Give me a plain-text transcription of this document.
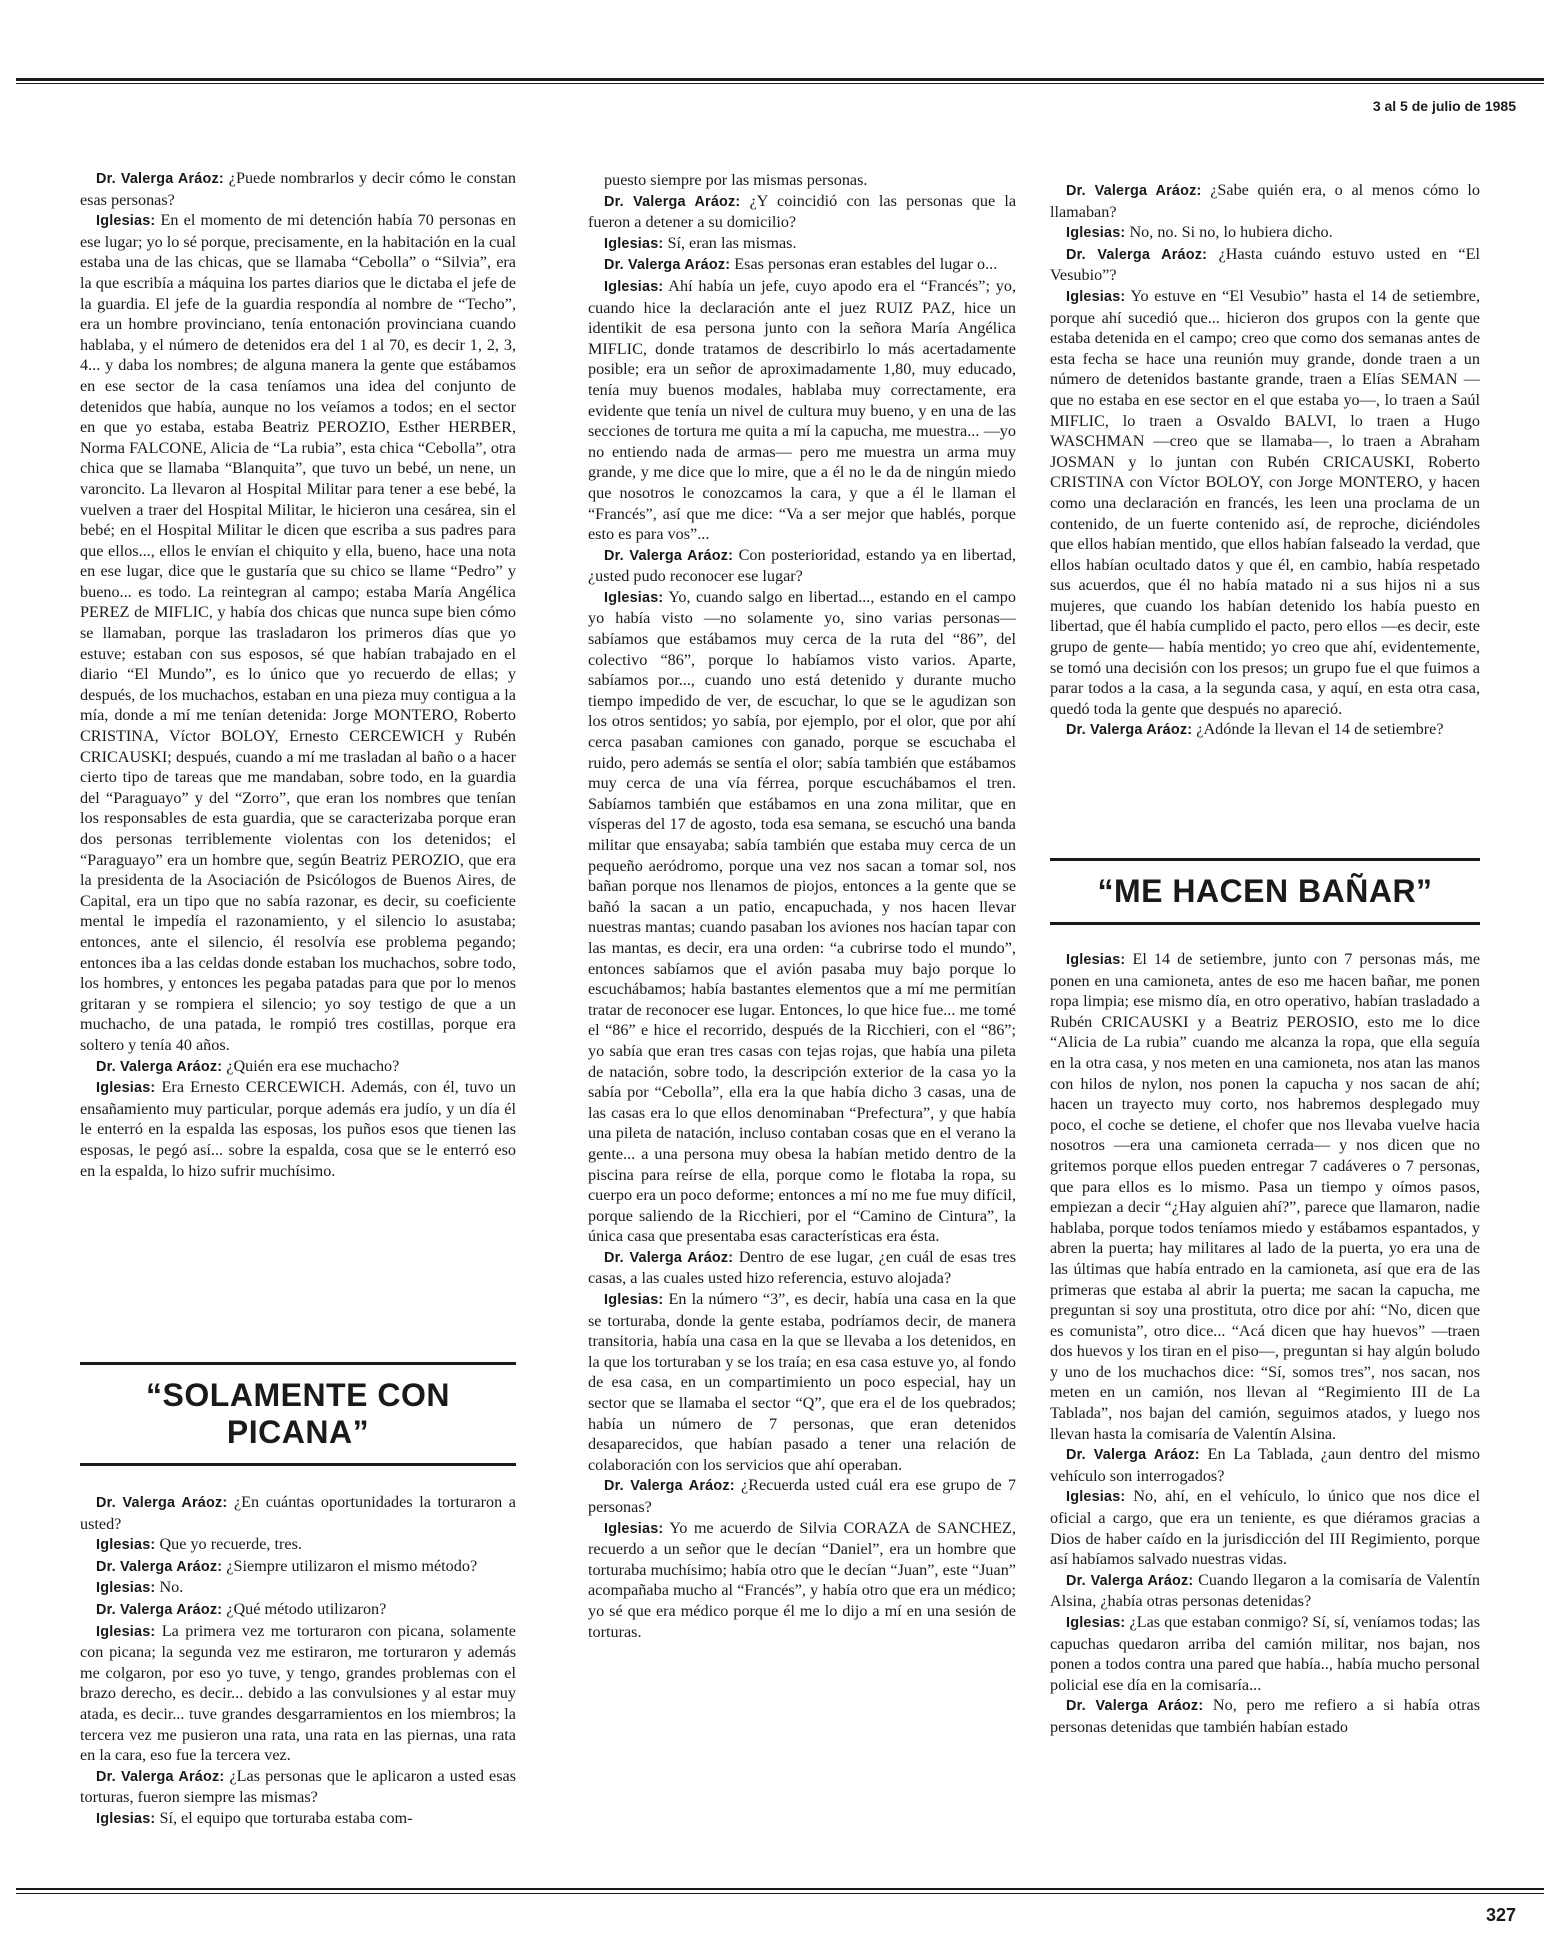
3 al 5 de julio de 1985

Dr. Valerga Aráoz: ¿Puede nombrarlos y decir cómo le constan esas personas?

Iglesias: En el momento de mi detención había 70 personas en ese lugar; yo lo sé porque, precisamente, en la habitación en la cual estaba una de las chicas, que se llamaba “Cebolla” o “Silvia”, era la que escribía a máquina los partes diarios que le dictaba el jefe de la guardia. El jefe de la guardia respondía al nombre de “Techo”, era un hombre provinciano, tenía entonación provinciana cuando hablaba, y el número de detenidos era del 1 al 70, es decir 1, 2, 3, 4... y daba los nombres; de alguna manera la gente que estábamos en ese sector de la casa teníamos una idea del conjunto de detenidos que había, aunque no los veíamos a todos; en el sector en que yo estaba, estaba Beatriz PEROZIO, Esther HERBER, Norma FALCONE, Alicia de “La rubia”, esta chica “Cebolla”, otra chica que se llamaba “Blanquita”, que tuvo un bebé, un nene, un varoncito. La llevaron al Hospital Militar para tener a ese bebé, la vuelven a traer del Hospital Militar, le hicieron una cesárea, sin el bebé; en el Hospital Militar le dicen que escriba a sus padres para que ellos..., ellos le envían el chiquito y ella, bueno, hace una nota en ese lugar, dice que le gustaría que su chico se llame “Pedro” y bueno... es todo. La reintegran al campo; estaba María Angélica PEREZ de MIFLIC, y había dos chicas que nunca supe bien cómo se llamaban, porque las trasladaron los primeros días que yo estuve; estaban con sus esposos, sé que habían trabajado en el diario “El Mundo”, es lo único que yo recuerdo de ellas; y después, de los muchachos, estaban en una pieza muy contigua a la mía, donde a mí me tenían detenida: Jorge MONTERO, Roberto CRISTINA, Víctor BOLOY, Ernesto CERCEWICH y Rubén CRICAUSKI; después, cuando a mí me trasladan al baño o a hacer cierto tipo de tareas que me mandaban, sobre todo, en la guardia del “Paraguayo” y del “Zorro”, que eran los nombres que tenían los responsables de esta guardia, que se caracterizaba porque eran dos personas terriblemente violentas con los detenidos; el “Paraguayo” era un hombre que, según Beatriz PEROZIO, que era la presidenta de la Asociación de Psicólogos de Buenos Aires, de Capital, era un tipo que no sabía razonar, es decir, su coeficiente mental le impedía el razonamiento, y el silencio lo asustaba; entonces, ante el silencio, él resolvía ese problema pegando; entonces iba a las celdas donde estaban los muchachos, sobre todo, los hombres, y entonces les pegaba patadas para que por lo menos gritaran y se rompiera el silencio; yo soy testigo de que a un muchacho, de una patada, le rompió tres costillas, porque era soltero y tenía 40 años.

Dr. Valerga Aráoz: ¿Quién era ese muchacho?

Iglesias: Era Ernesto CERCEWICH. Además, con él, tuvo un ensañamiento muy particular, porque además era judío, y un día él le enterró en la espalda las esposas, los puños esos que tienen las esposas, le pegó así... sobre la espalda, cosa que se le enterró eso en la espalda, lo hizo sufrir muchísimo.

“SOLAMENTE CON PICANA”

Dr. Valerga Aráoz: ¿En cuántas oportunidades la torturaron a usted?

Iglesias: Que yo recuerde, tres.

Dr. Valerga Aráoz: ¿Siempre utilizaron el mismo método?

Iglesias: No.

Dr. Valerga Aráoz: ¿Qué método utilizaron?

Iglesias: La primera vez me torturaron con picana, solamente con picana; la segunda vez me estiraron, me torturaron y además me colgaron, por eso yo tuve, y tengo, grandes problemas con el brazo derecho, es decir... debido a las convulsiones y al estar muy atada, es decir... tuve grandes desgarramientos en los miembros; la tercera vez me pusieron una rata, una rata en las piernas, una rata en la cara, eso fue la tercera vez.

Dr. Valerga Aráoz: ¿Las personas que le aplicaron a usted esas torturas, fueron siempre las mismas?

Iglesias: Sí, el equipo que torturaba estaba com-

puesto siempre por las mismas personas.

Dr. Valerga Aráoz: ¿Y coincidió con las personas que la fueron a detener a su domicilio?

Iglesias: Sí, eran las mismas.

Dr. Valerga Aráoz: Esas personas eran estables del lugar o...

Iglesias: Ahí había un jefe, cuyo apodo era el “Francés”; yo, cuando hice la declaración ante el juez RUIZ PAZ, hice un identikit de esa persona junto con la señora María Angélica MIFLIC, donde tratamos de describirlo lo más acertadamente posible; era un señor de aproximadamente 1,80, muy educado, tenía muy buenos modales, hablaba muy correctamente, era evidente que tenía un nivel de cultura muy bueno, y en una de las secciones de tortura me quita a mí la capucha, me muestra... —yo no entiendo nada de armas— pero me muestra un arma muy grande, y me dice que lo mire, que a él no le da de ningún miedo que nosotros le conozcamos la cara, y que a él le llaman el “Francés”, así que me dice: “Va a ser mejor que hablés, porque esto es para vos”...

Dr. Valerga Aráoz: Con posterioridad, estando ya en libertad, ¿usted pudo reconocer ese lugar?

Iglesias: Yo, cuando salgo en libertad..., estando en el campo yo había visto —no solamente yo, sino varias personas— sabíamos que estábamos muy cerca de la ruta del “86”, del colectivo “86”, porque lo habíamos visto varios. Aparte, sabíamos por..., cuando uno está detenido y durante mucho tiempo impedido de ver, de escuchar, lo que se le agudizan son los otros sentidos; yo sabía, por ejemplo, por el olor, que por ahí cerca pasaban camiones con ganado, porque se escuchaba el ruido, pero además se sentía el olor; sabía también que estábamos muy cerca de una vía férrea, porque escuchábamos el tren. Sabíamos también que estábamos en una zona militar, que en vísperas del 17 de agosto, toda esa semana, se escuchó una banda militar que ensayaba; sabía también que estaba muy cerca de un pequeño aeródromo, porque una vez nos sacan a tomar sol, nos bañan porque nos llenamos de piojos, entonces a la gente que se bañó la sacan a un patio, encapuchada, y nos hacen llevar nuestras mantas; cuando pasaban los aviones nos hacían tapar con las mantas, es decir, era una orden: “a cubrirse todo el mundo”, entonces sabíamos que el avión pasaba muy bajo porque lo escuchábamos; había bastantes elementos que a mí me permitían tratar de reconocer ese lugar. Entonces, lo que hice fue... me tomé el “86” e hice el recorrido, después de la Ricchieri, con el “86”; yo sabía que eran tres casas con tejas rojas, que había una pileta de natación, sobre todo, la descripción exterior de la casa yo la sabía por “Cebolla”, ella era la que había dicho 3 casas, una de las casas era lo que ellos denominaban “Prefectura”, y que había una pileta de natación, incluso contaban cosas que en el verano la gente... a una persona muy obesa la habían metido dentro de la piscina para reírse de ella, porque como le flotaba la ropa, su cuerpo era un poco deforme; entonces a mí no me fue muy difícil, porque saliendo de la Ricchieri, por el “Camino de Cintura”, la única casa que presentaba esas características era ésta.

Dr. Valerga Aráoz: Dentro de ese lugar, ¿en cuál de esas tres casas, a las cuales usted hizo referencia, estuvo alojada?

Iglesias: En la número “3”, es decir, había una casa en la que se torturaba, donde la gente estaba, podríamos decir, de manera transitoria, había una casa en la que se llevaba a los detenidos, en la que los torturaban y se los traía; en esa casa estuve yo, al fondo de esa casa, en un compartimiento un poco especial, hay un sector que se llamaba el sector “Q”, que era el de los quebrados; había un número de 7 personas, que eran detenidos desaparecidos, que habían pasado a tener una relación de colaboración con los servicios que ahí operaban.

Dr. Valerga Aráoz: ¿Recuerda usted cuál era ese grupo de 7 personas?

Iglesias: Yo me acuerdo de Silvia CORAZA de SANCHEZ, recuerdo a un señor que le decían “Daniel”, era un hombre que torturaba muchísimo; había otro que le decían “Juan”, este “Juan” acompañaba mucho al “Francés”, y había otro que era un médico; yo sé que era médico porque él me lo dijo a mí en una sesión de torturas.

Dr. Valerga Aráoz: ¿Sabe quién era, o al menos cómo lo llamaban?

Iglesias: No, no. Si no, lo hubiera dicho.

Dr. Valerga Aráoz: ¿Hasta cuándo estuvo usted en “El Vesubio”?

Iglesias: Yo estuve en “El Vesubio” hasta el 14 de setiembre, porque ahí sucedió que... hicieron dos grupos con la gente que estaba detenida en el campo; creo que como dos semanas antes de esta fecha se hace una reunión muy grande, donde traen a un número de detenidos bastante grande, traen a Elías SEMAN —que no estaba en ese sector en el que estaba yo—, lo traen a Saúl MIFLIC, lo traen a Osvaldo BALVI, lo traen a Hugo WASCHMAN —creo que se llamaba—, lo traen a Abraham JOSMAN y lo juntan con Rubén CRICAUSKI, Roberto CRISTINA con Víctor BOLOY, con Jorge MONTERO, y hacen como una declaración en francés, les leen una proclama de un contenido, de un fuerte contenido así, de reproche, diciéndoles que ellos habían mentido, que ellos habían falseado la verdad, que ellos habían ocultado datos y que él, en cambio, había respetado sus acuerdos, que él no había matado ni a sus hijos ni a sus mujeres, que cuando los habían detenido los había puesto en libertad, que él había cumplido el pacto, pero ellos —es decir, este grupo de gente— había mentido; yo creo que ahí, evidentemente, se tomó una decisión con los presos; un grupo fue el que fuimos a parar todos a la casa, a la segunda casa, y aquí, en esta otra casa, quedó toda la gente que después no apareció.

Dr. Valerga Aráoz: ¿Adónde la llevan el 14 de setiembre?

“ME HACEN BAÑAR”

Iglesias: El 14 de setiembre, junto con 7 personas más, me ponen en una camioneta, antes de eso me hacen bañar, me ponen ropa limpia; ese mismo día, en otro operativo, habían trasladado a Rubén CRICAUSKI y a Beatriz PEROSIO, esto me lo dice “Alicia de La rubia” cuando me alcanza la ropa, que ella seguía en la otra casa, y nos meten en una camioneta, nos atan las manos con hilos de nylon, nos ponen la capucha y nos sacan de ahí; hacen un trayecto muy corto, nos habremos desplegado muy poco, el coche se detiene, el chofer que nos llevaba vuelve hacia nosotros —era una camioneta cerrada— y nos dicen que no gritemos porque ellos pueden entregar 7 cadáveres o 7 personas, que para ellos es lo mismo. Pasa un tiempo y oímos pasos, empiezan a decir “¿Hay alguien ahí?”, parece que llamaron, nadie hablaba, porque todos teníamos miedo y estábamos espantados, y abren la puerta; hay militares al lado de la puerta, yo era una de las últimas que había entrado en la camioneta, así que era de las primeras que estaba al abrir la puerta; me sacan la capucha, me preguntan si soy una prostituta, otro dice por ahí: “No, dicen que es comunista”, otro dice... “Acá dicen que hay huevos” —traen dos huevos y los tiran en el piso—, preguntan si hay algún boludo y uno de los muchachos dice: “Sí, somos tres”, nos sacan, nos meten en un camión, nos llevan al “Regimiento III de La Tablada”, nos bajan del camión, seguimos atados, y luego nos llevan hasta la comisaría de Valentín Alsina.

Dr. Valerga Aráoz: En La Tablada, ¿aun dentro del mismo vehículo son interrogados?

Iglesias: No, ahí, en el vehículo, lo único que nos dice el oficial a cargo, que era un teniente, es que diéramos gracias a Dios de haber caído en la jurisdicción del III Regimiento, porque así habíamos salvado nuestras vidas.

Dr. Valerga Aráoz: Cuando llegaron a la comisaría de Valentín Alsina, ¿había otras personas detenidas?

Iglesias: ¿Las que estaban conmigo? Sí, sí, veníamos todas; las capuchas quedaron arriba del camión militar, nos bajan, nos ponen a todos contra una pared que había.., había mucho personal policial ese día en la comisaría...

Dr. Valerga Aráoz: No, pero me refiero a si había otras personas detenidas que también habían estado

327
